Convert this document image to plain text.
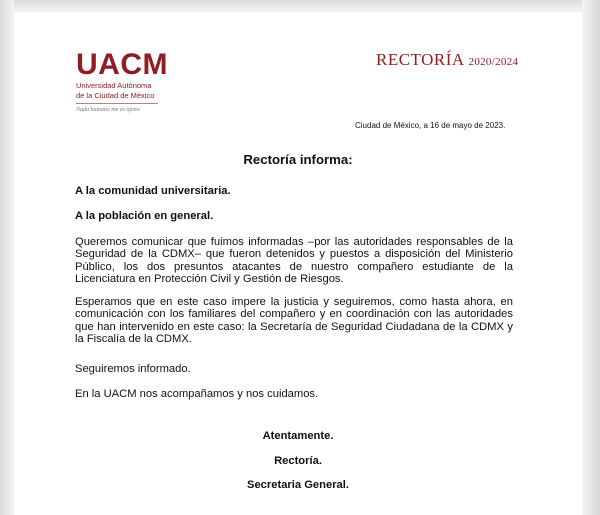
UACM
Universidad Autónoma
de la Ciudad de México
Nada humano me es ajeno
RECTORÍA 2020/2024
Ciudad de México, a 16 de mayo de 2023.
Rectoría informa:
A la comunidad universitaria.
A la población en general.
Queremos comunicar que fuimos informadas –por las autoridades responsables de la Seguridad de la CDMX– que fueron detenidos y puestos a disposición del Ministerio Público, los dos presuntos atacantes de nuestro compañero estudiante de la Licenciatura en Protección Civil y Gestión de Riesgos.
Esperamos que en este caso impere la justicia y seguiremos, como hasta ahora, en comunicación con los familiares del compañero y en coordinación con las autoridades que han intervenido en este caso: la Secretaría de Seguridad Ciudadana de la CDMX y la Fiscalía de la CDMX.
Seguiremos informado.
En la UACM nos acompañamos y nos cuidamos.
Atentamente.
Rectoría.
Secretaria General.
